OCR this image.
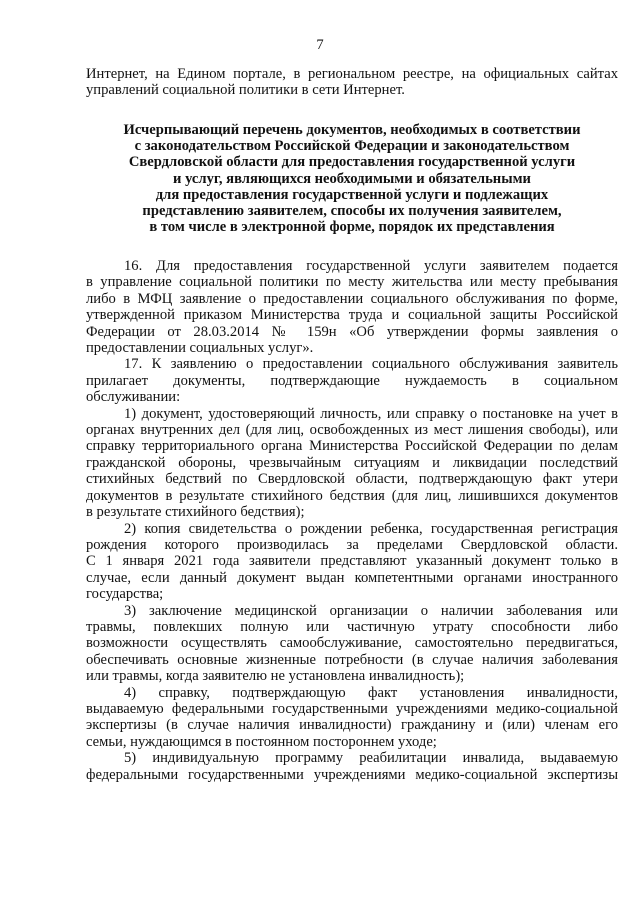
7
Интернет, на Едином портале, в региональном реестре, на официальных сайтах
управлений социальной политики в сети Интернет.
Исчерпывающий перечень документов, необходимых в соответствии
с законодательством Российской Федерации и законодательством
Свердловской области для предоставления государственной услуги
и услуг, являющихся необходимыми и обязательными
для предоставления государственной услуги и подлежащих
представлению заявителем, способы их получения заявителем,
в том числе в электронной форме, порядок их представления
16. Для предоставления государственной услуги заявителем подается
в управление социальной политики по месту жительства или месту пребывания
либо в МФЦ заявление о предоставлении социального обслуживания по форме,
утвержденной приказом Министерства труда и социальной защиты Российской
Федерации от 28.03.2014 № 159н «Об утверждении формы заявления о
предоставлении социальных услуг».
17. К заявлению о предоставлении социального обслуживания заявитель
прилагает документы, подтверждающие нуждаемость в социальном
обслуживании:
1) документ, удостоверяющий личность, или справку о постановке на учет в
органах внутренних дел (для лиц, освобожденных из мест лишения свободы), или
справку территориального органа Министерства Российской Федерации по делам
гражданской обороны, чрезвычайным ситуациям и ликвидации последствий
стихийных бедствий по Свердловской области, подтверждающую факт утери
документов в результате стихийного бедствия (для лиц, лишившихся документов
в результате стихийного бедствия);
2) копия свидетельства о рождении ребенка, государственная регистрация
рождения которого производилась за пределами Свердловской области.
С 1 января 2021 года заявители представляют указанный документ только в
случае, если данный документ выдан компетентными органами иностранного
государства;
3) заключение медицинской организации о наличии заболевания или
травмы, повлекших полную или частичную утрату способности либо
возможности осуществлять самообслуживание, самостоятельно передвигаться,
обеспечивать основные жизненные потребности (в случае наличия заболевания
или травмы, когда заявителю не установлена инвалидность);
4) справку, подтверждающую факт установления инвалидности,
выдаваемую федеральными государственными учреждениями медико-социальной
экспертизы (в случае наличия инвалидности) гражданину и (или) членам его
семьи, нуждающимся в постоянном постороннем уходе;
5) индивидуальную программу реабилитации инвалида, выдаваемую
федеральными государственными учреждениями медико-социальной экспертизы
